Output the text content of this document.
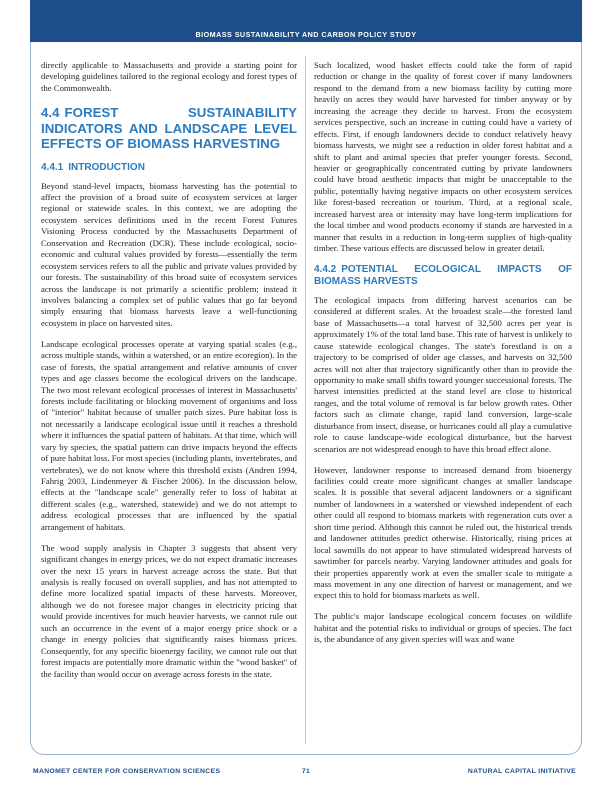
BIOMASS SUSTAINABILITY AND CARBON POLICY STUDY

directly applicable to Massachusetts and provide a starting point for developing guidelines tailored to the regional ecology and forest types of the Commonwealth.

4.4 FOREST SUSTAINABILITY INDICATORS AND LANDSCAPE LEVEL EFFECTS OF BIOMASS HARVESTING
4.4.1 INTRODUCTION

Beyond stand-level impacts, biomass harvesting has the potential to affect the provision of a broad suite of ecosystem services at larger regional or statewide scales. In this context, we are adopting the ecosystem services definitions used in the recent Forest Futures Visioning Process conducted by the Massachusetts Department of Conservation and Recreation (DCR). These include ecological, socio-economic and cultural values provided by forests—essentially the term ecosystem services refers to all the public and private values provided by our forests. The sustainability of this broad suite of ecosystem services across the landscape is not primarily a scientific problem; instead it involves balancing a complex set of public values that go far beyond simply ensuring that biomass harvests leave a well-functioning ecosystem in place on harvested sites.

Landscape ecological processes operate at varying spatial scales (e.g., across multiple stands, within a watershed, or an entire ecoregion). In the case of forests, the spatial arrangement and relative amounts of cover types and age classes become the ecological drivers on the landscape. The two most relevant ecological processes of interest in Massachusetts' forests include facilitating or blocking movement of organisms and loss of "interior" habitat because of smaller patch sizes. Pure habitat loss is not necessarily a landscape ecological issue until it reaches a threshold where it influences the spatial pattern of habitats. At that time, which will vary by species, the spatial pattern can drive impacts beyond the effects of pure habitat loss. For most species (including plants, invertebrates, and vertebrates), we do not know where this threshold exists (Andren 1994, Fahrig 2003, Lindenmeyer & Fischer 2006). In the discussion below, effects at the "landscape scale" generally refer to loss of habitat at different scales (e.g., watershed, statewide) and we do not attempt to address ecological processes that are influenced by the spatial arrangement of habitats.

The wood supply analysis in Chapter 3 suggests that absent very significant changes in energy prices, we do not expect dramatic increases over the next 15 years in harvest acreage across the state. But that analysis is really focused on overall supplies, and has not attempted to define more localized spatial impacts of these harvests. Moreover, although we do not foresee major changes in electricity pricing that would provide incentives for much heavier harvests, we cannot rule out such an occurrence in the event of a major energy price shock or a change in energy policies that significantly raises biomass prices. Consequently, for any specific bioenergy facility, we cannot rule out that forest impacts are potentially more dramatic within the "wood basket" of the facility than would occur on average across forests in the state.

Such localized, wood basket effects could take the form of rapid reduction or change in the quality of forest cover if many landowners respond to the demand from a new biomass facility by cutting more heavily on acres they would have harvested for timber anyway or by increasing the acreage they decide to harvest. From the ecosystem services perspective, such an increase in cutting could have a variety of effects. First, if enough landowners decide to conduct relatively heavy biomass harvests, we might see a reduction in older forest habitat and a shift to plant and animal species that prefer younger forests. Second, heavier or geographically concentrated cutting by private landowners could have broad aesthetic impacts that might be unacceptable to the public, potentially having negative impacts on other ecosystem services like forest-based recreation or tourism. Third, at a regional scale, increased harvest area or intensity may have long-term implications for the local timber and wood products economy if stands are harvested in a manner that results in a reduction in long-term supplies of high-quality timber. These various effects are discussed below in greater detail.

4.4.2 POTENTIAL ECOLOGICAL IMPACTS OF BIOMASS HARVESTS

The ecological impacts from differing harvest scenarios can be considered at different scales. At the broadest scale—the forested land base of Massachusetts—a total harvest of 32,500 acres per year is approximately 1% of the total land base. This rate of harvest is unlikely to cause statewide ecological changes. The state's forestland is on a trajectory to be comprised of older age classes, and harvests on 32,500 acres will not alter that trajectory significantly other than to provide the opportunity to make small shifts toward younger successional forests. The harvest intensities predicted at the stand level are close to historical ranges, and the total volume of removal is far below growth rates. Other factors such as climate change, rapid land conversion, large-scale disturbance from insect, disease, or hurricanes could all play a cumulative role to cause landscape-wide ecological disturbance, but the harvest scenarios are not widespread enough to have this broad effect alone.

However, landowner response to increased demand from bioenergy facilities could create more significant changes at smaller landscape scales. It is possible that several adjacent landowners or a significant number of landowners in a watershed or viewshed independent of each other could all respond to biomass markets with regeneration cuts over a short time period. Although this cannot be ruled out, the historical trends and landowner attitudes predict otherwise. Historically, rising prices at local sawmills do not appear to have stimulated widespread harvests of sawtimber for parcels nearby. Varying landowner attitudes and goals for their properties apparently work at even the smaller scale to mitigate a mass movement in any one direction of harvest or management, and we expect this to hold for biomass markets as well.

The public's major landscape ecological concern focuses on wildlife habitat and the potential risks to individual or groups of species. The fact is, the abundance of any given species will wax and wane

MANOMET CENTER FOR CONSERVATION SCIENCES	71	NATURAL CAPITAL INITIATIVE
